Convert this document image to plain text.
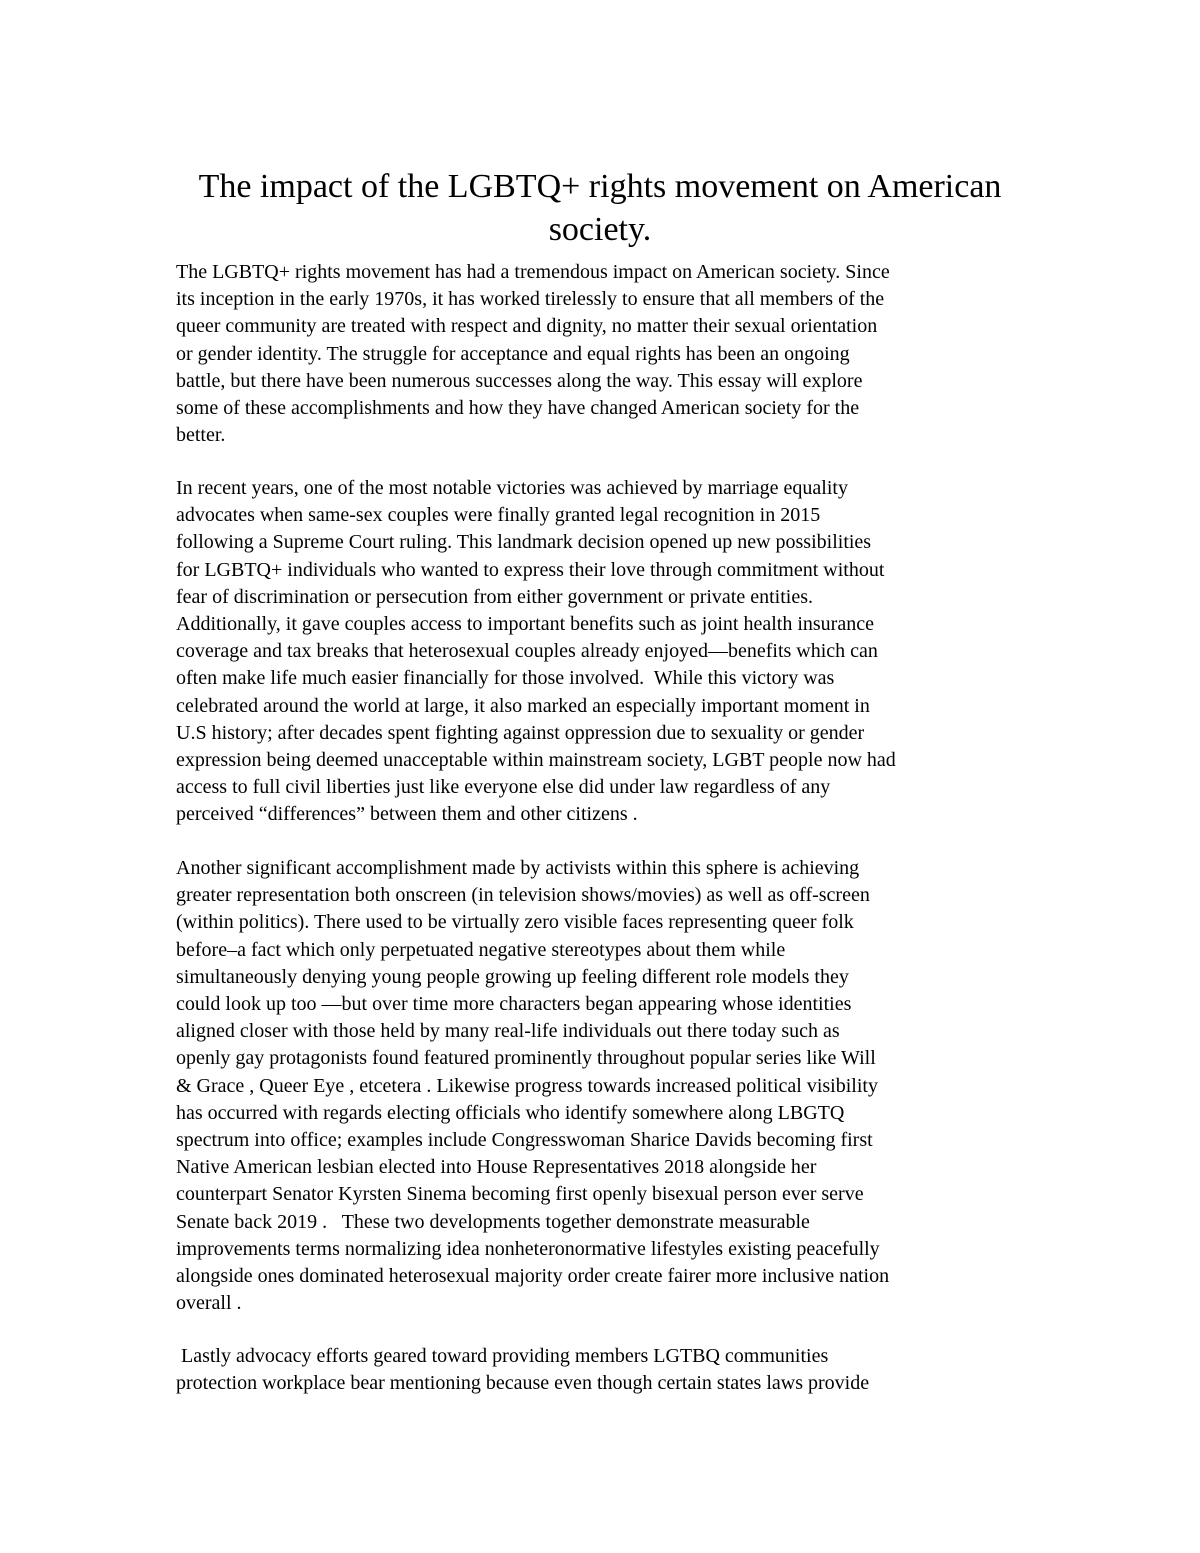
The impact of the LGBTQ+ rights movement on American
society.
The LGBTQ+ rights movement has had a tremendous impact on American society. Since
its inception in the early 1970s, it has worked tirelessly to ensure that all members of the
queer community are treated with respect and dignity, no matter their sexual orientation
or gender identity. The struggle for acceptance and equal rights has been an ongoing
battle, but there have been numerous successes along the way. This essay will explore
some of these accomplishments and how they have changed American society for the
better.
In recent years, one of the most notable victories was achieved by marriage equality
advocates when same-sex couples were finally granted legal recognition in 2015
following a Supreme Court ruling. This landmark decision opened up new possibilities
for LGBTQ+ individuals who wanted to express their love through commitment without
fear of discrimination or persecution from either government or private entities.
Additionally, it gave couples access to important benefits such as joint health insurance
coverage and tax breaks that heterosexual couples already enjoyed—benefits which can
often make life much easier financially for those involved.  While this victory was
celebrated around the world at large, it also marked an especially important moment in
U.S history; after decades spent fighting against oppression due to sexuality or gender
expression being deemed unacceptable within mainstream society, LGBT people now had
access to full civil liberties just like everyone else did under law regardless of any
perceived “differences” between them and other citizens .
Another significant accomplishment made by activists within this sphere is achieving
greater representation both onscreen (in television shows/movies) as well as off-screen
(within politics). There used to be virtually zero visible faces representing queer folk
before–a fact which only perpetuated negative stereotypes about them while
simultaneously denying young people growing up feeling different role models they
could look up too —but over time more characters began appearing whose identities
aligned closer with those held by many real-life individuals out there today such as
openly gay protagonists found featured prominently throughout popular series like Will
& Grace , Queer Eye , etcetera . Likewise progress towards increased political visibility
has occurred with regards electing officials who identify somewhere along LBGTQ
spectrum into office; examples include Congresswoman Sharice Davids becoming first
Native American lesbian elected into House Representatives 2018 alongside her
counterpart Senator Kyrsten Sinema becoming first openly bisexual person ever serve
Senate back 2019 .   These two developments together demonstrate measurable
improvements terms normalizing idea nonheteronormative lifestyles existing peacefully
alongside ones dominated heterosexual majority order create fairer more inclusive nation
overall .
Lastly advocacy efforts geared toward providing members LGTBQ communities
protection workplace bear mentioning because even though certain states laws provide
